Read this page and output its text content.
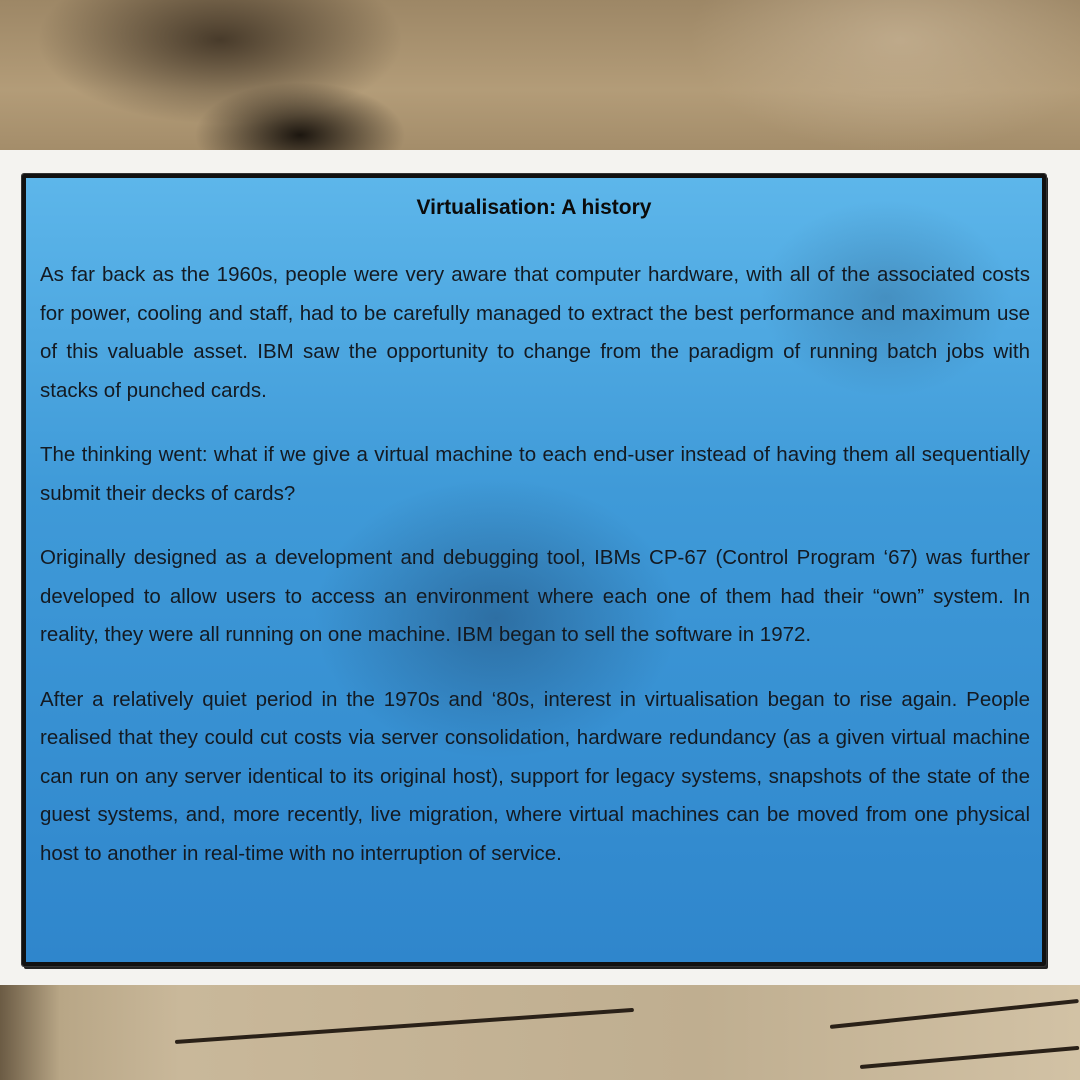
Virtualisation: A history

As far back as the 1960s, people were very aware that computer hardware, with all of the associated costs for power, cooling and staff, had to be carefully managed to extract the best performance and maximum use of this valuable asset. IBM saw the opportunity to change from the paradigm of running batch jobs with stacks of punched cards.

The thinking went: what if we give a virtual machine to each end-user instead of having them all sequentially submit their decks of cards?

Originally designed as a development and debugging tool, IBMs CP-67 (Control Program ‘67) was further developed to allow users to access an environment where each one of them had their “own” system. In reality, they were all running on one machine. IBM began to sell the software in 1972.

After a relatively quiet period in the 1970s and ‘80s, interest in virtualisation began to rise again. People realised that they could cut costs via server consolidation, hardware redundancy (as a given virtual machine can run on any server identical to its original host), support for legacy systems, snapshots of the state of the guest systems, and, more recently, live migration, where virtual machines can be moved from one physical host to another in real-time with no interruption of service.
